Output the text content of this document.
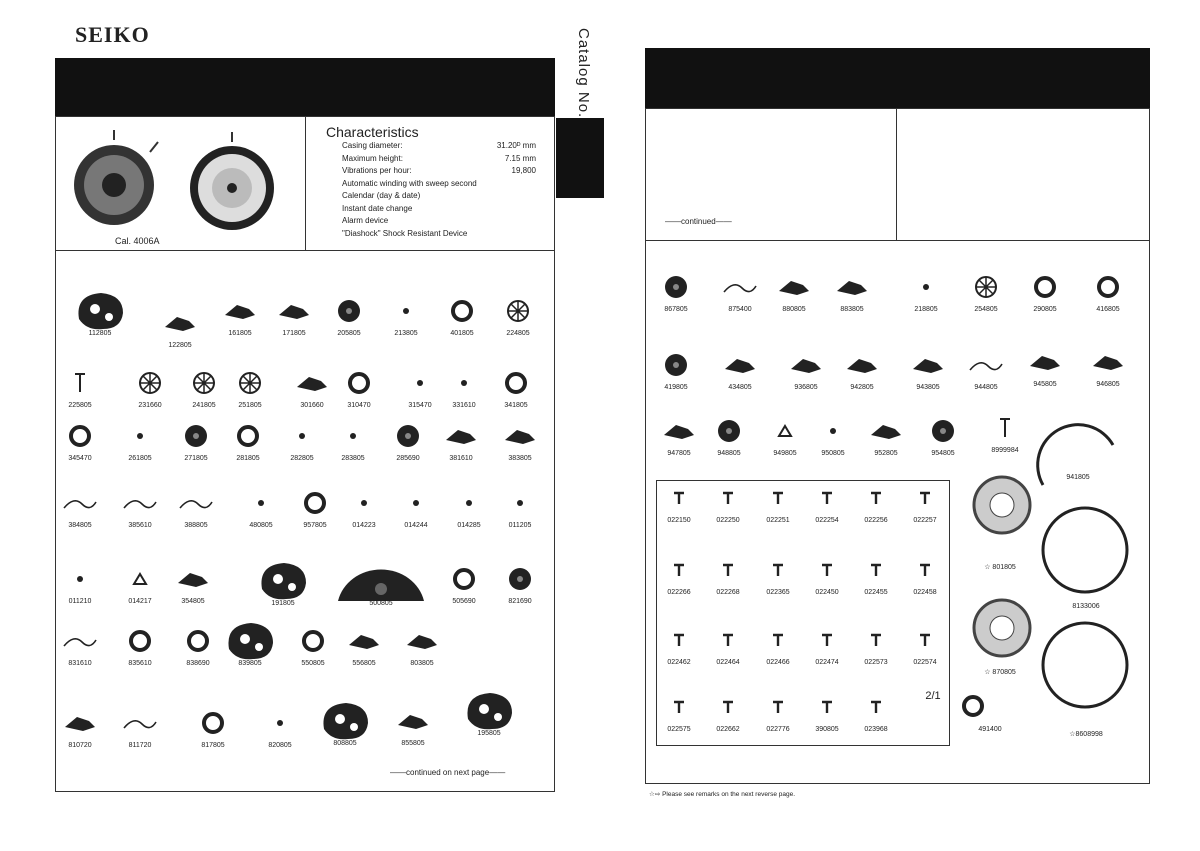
SEIKO	Catalog No.
Cal. 4006A
Characteristics
Casing diameter:	31.20ᴰ mm
Maximum height:	7.15 mm
Vibrations per hour:	19,800
Automatic winding with sweep second
Calendar (day & date)
Instant date change
Alarm device
"Diashock" Shock Resistant Device
——continued on next page——
——continued——
☆⇨ Please see remarks on the next reverse page.
112805
122805
161805	171805	205805	213805	401805	224805
225805	231660	241805	251805	301660	310470	315470	331610	341805
345470	261805	271805	281805	282805	283805	285690	381610	383805
384805	385610	388805	480805	957805	014223	014244	014285	011205
011210	014217	354805	191805	500805	505690	821690
831610	835610	838690	839805	550805	556805	803805
810720	811720	817805	820805	808805	855805
195805
867805	875400	880805	883805	218805	254805	290805	416805
419805	434805	936805	942805	943805	944805	945805	946805
947805	948805	949805	950805	952805	954805	8999984
941805
022150	022250	022251	022254	022256	022257
022266	022268	022365	022450	022455	022458
022462	022464	022466	022474	022573	022574
022575	022662	022776	390805	023968
☆ 801805
8133006
☆ 870805
491400
☆8608998
2/1
